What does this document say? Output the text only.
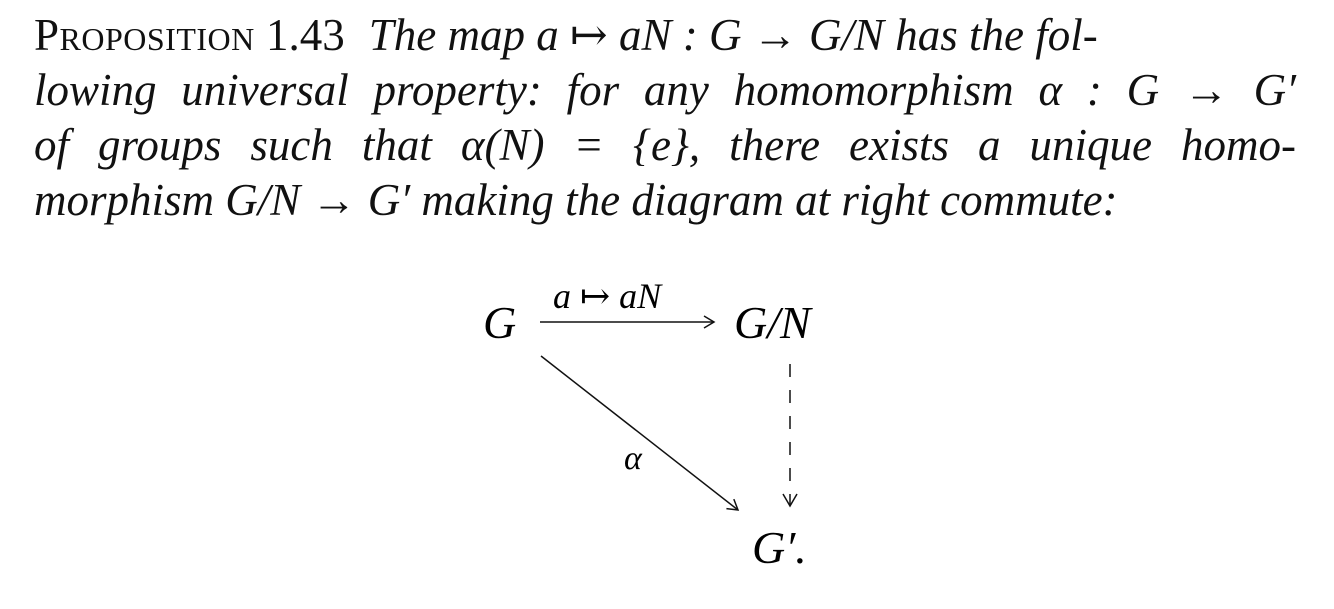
Proposition 1.43 The map a ↦ aN : G → G/N has the fol-
lowing universal property: for any homomorphism α : G → G′
of groups such that α(N) = {e}, there exists a unique homo-
morphism G/N → G′ making the diagram at right commute:
G	G/N
G′.
a ↦ aN
α
